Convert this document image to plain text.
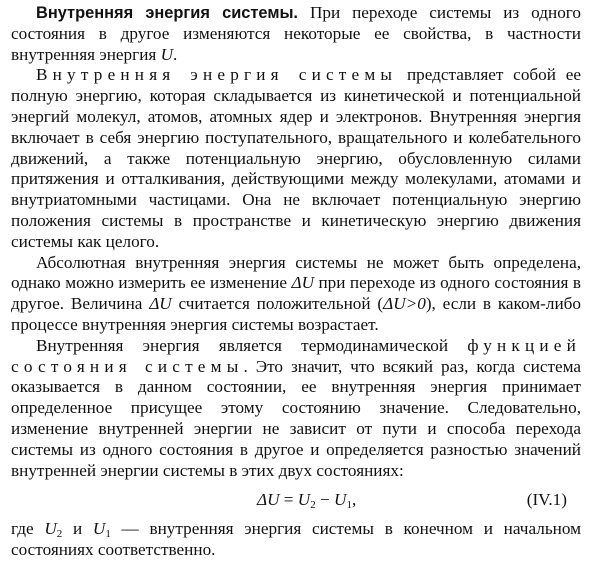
Внутренняя энергия системы. При переходе системы из одного состояния в другое изменяются некоторые ее свойства, в частности внутренняя энергия U.

Внутренняя энергия системы представляет собой ее полную энергию, которая складывается из кинетической и потенциальной энергий молекул, атомов, атомных ядер и электронов. Внутренняя энергия включает в себя энергию поступательного, вращательного и колебательного движений, а также потенциальную энергию, обусловленную силами притяжения и отталкивания, действующими между молекулами, атомами и внутриатомными частицами. Она не включает потенциальную энергию положения системы в пространстве и кинетическую энергию движения системы как целого.

Абсолютная внутренняя энергия системы не может быть определена, однако можно измерить ее изменение ΔU при переходе из одного состояния в другое. Величина ΔU считается положительной (ΔU>0), если в каком-либо процессе внутренняя энергия системы возрастает.

Внутренняя энергия является термодинамической функцией состояния системы. Это значит, что всякий раз, когда система оказывается в данном состоянии, ее внутренняя энергия принимает определенное присущее этому состоянию значение. Следовательно, изменение внутренней энергии не зависит от пути и способа перехода системы из одного состояния в другое и определяется разностью значений внутренней энергии системы в этих двух состояниях:

$\Delta U = U_2 - U_1$,	(IV.1)

где $U_2$ и $U_1$ — внутренняя энергия системы в конечном и начальном состояниях соответственно.
